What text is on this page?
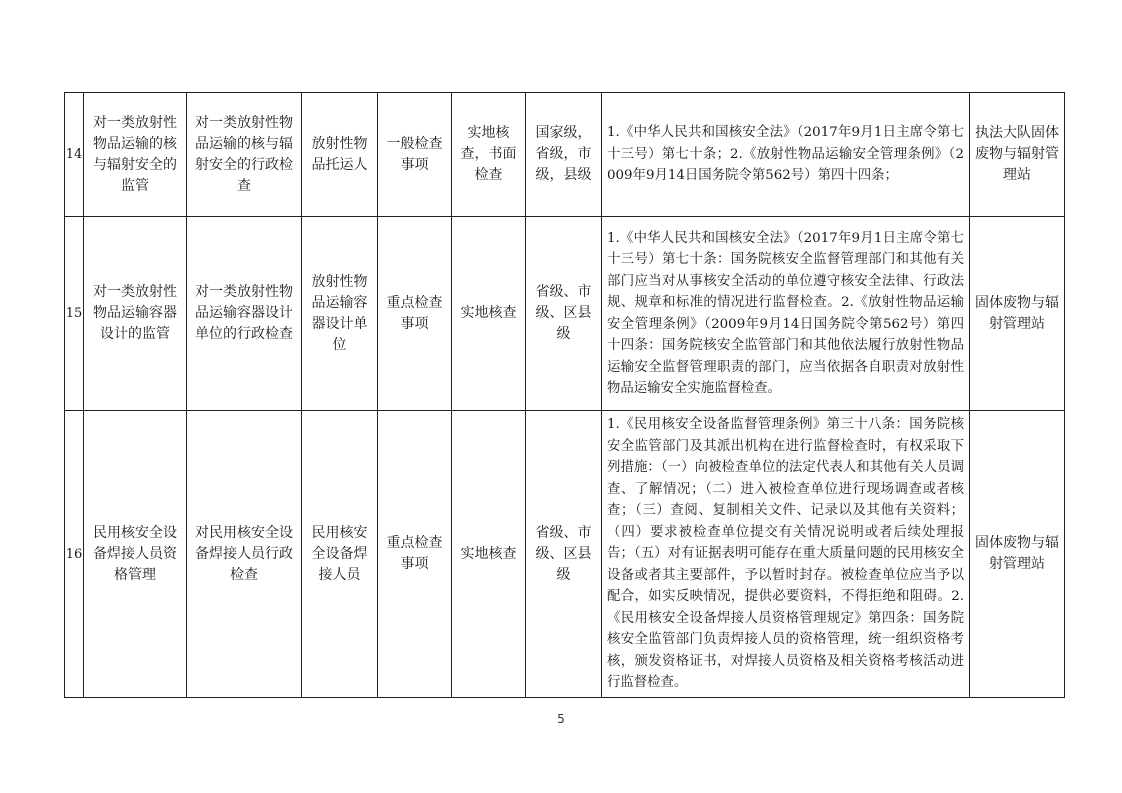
14	对一类放射性物品运输的核与辐射安全的监管	对一类放射性物品运输的核与辐射安全的行政检查	放射性物品托运人	一般检查事项	实地核查，书面检查	国家级，省级，市级，县级	1.《中华人民共和国核安全法》（2017年9月1日主席令第七十三号）第七十条；2.《放射性物品运输安全管理条例》（2009年9月14日国务院令第562号）第四十四条；	执法大队固体废物与辐射管理站
15	对一类放射性物品运输容器设计的监管	对一类放射性物品运输容器设计单位的行政检查	放射性物品运输容器设计单位	重点检查事项	实地核查	省级、市级、区县级	1.《中华人民共和国核安全法》（2017年9月1日主席令第七十三号）第七十条：国务院核安全监督管理部门和其他有关部门应当对从事核安全活动的单位遵守核安全法律、行政法规、规章和标准的情况进行监督检查。2.《放射性物品运输安全管理条例》（2009年9月14日国务院令第562号）第四十四条：国务院核安全监管部门和其他依法履行放射性物品运输安全监督管理职责的部门，应当依据各自职责对放射性物品运输安全实施监督检查。	固体废物与辐射管理站
16	民用核安全设备焊接人员资格管理	对民用核安全设备焊接人员行政检查	民用核安全设备焊接人员	重点检查事项	实地核查	省级、市级、区县级	1.《民用核安全设备监督管理条例》第三十八条：国务院核安全监管部门及其派出机构在进行监督检查时，有权采取下列措施：（一）向被检查单位的法定代表人和其他有关人员调查、了解情况；（二）进入被检查单位进行现场调查或者核查；（三）查阅、复制相关文件、记录以及其他有关资料；（四）要求被检查单位提交有关情况说明或者后续处理报告；（五）对有证据表明可能存在重大质量问题的民用核安全设备或者其主要部件，予以暂时封存。被检查单位应当予以配合，如实反映情况，提供必要资料，不得拒绝和阻碍。2.《民用核安全设备焊接人员资格管理规定》第四条：国务院核安全监管部门负责焊接人员的资格管理，统一组织资格考核，颁发资格证书，对焊接人员资格及相关资格考核活动进行监督检查。	固体废物与辐射管理站
5
